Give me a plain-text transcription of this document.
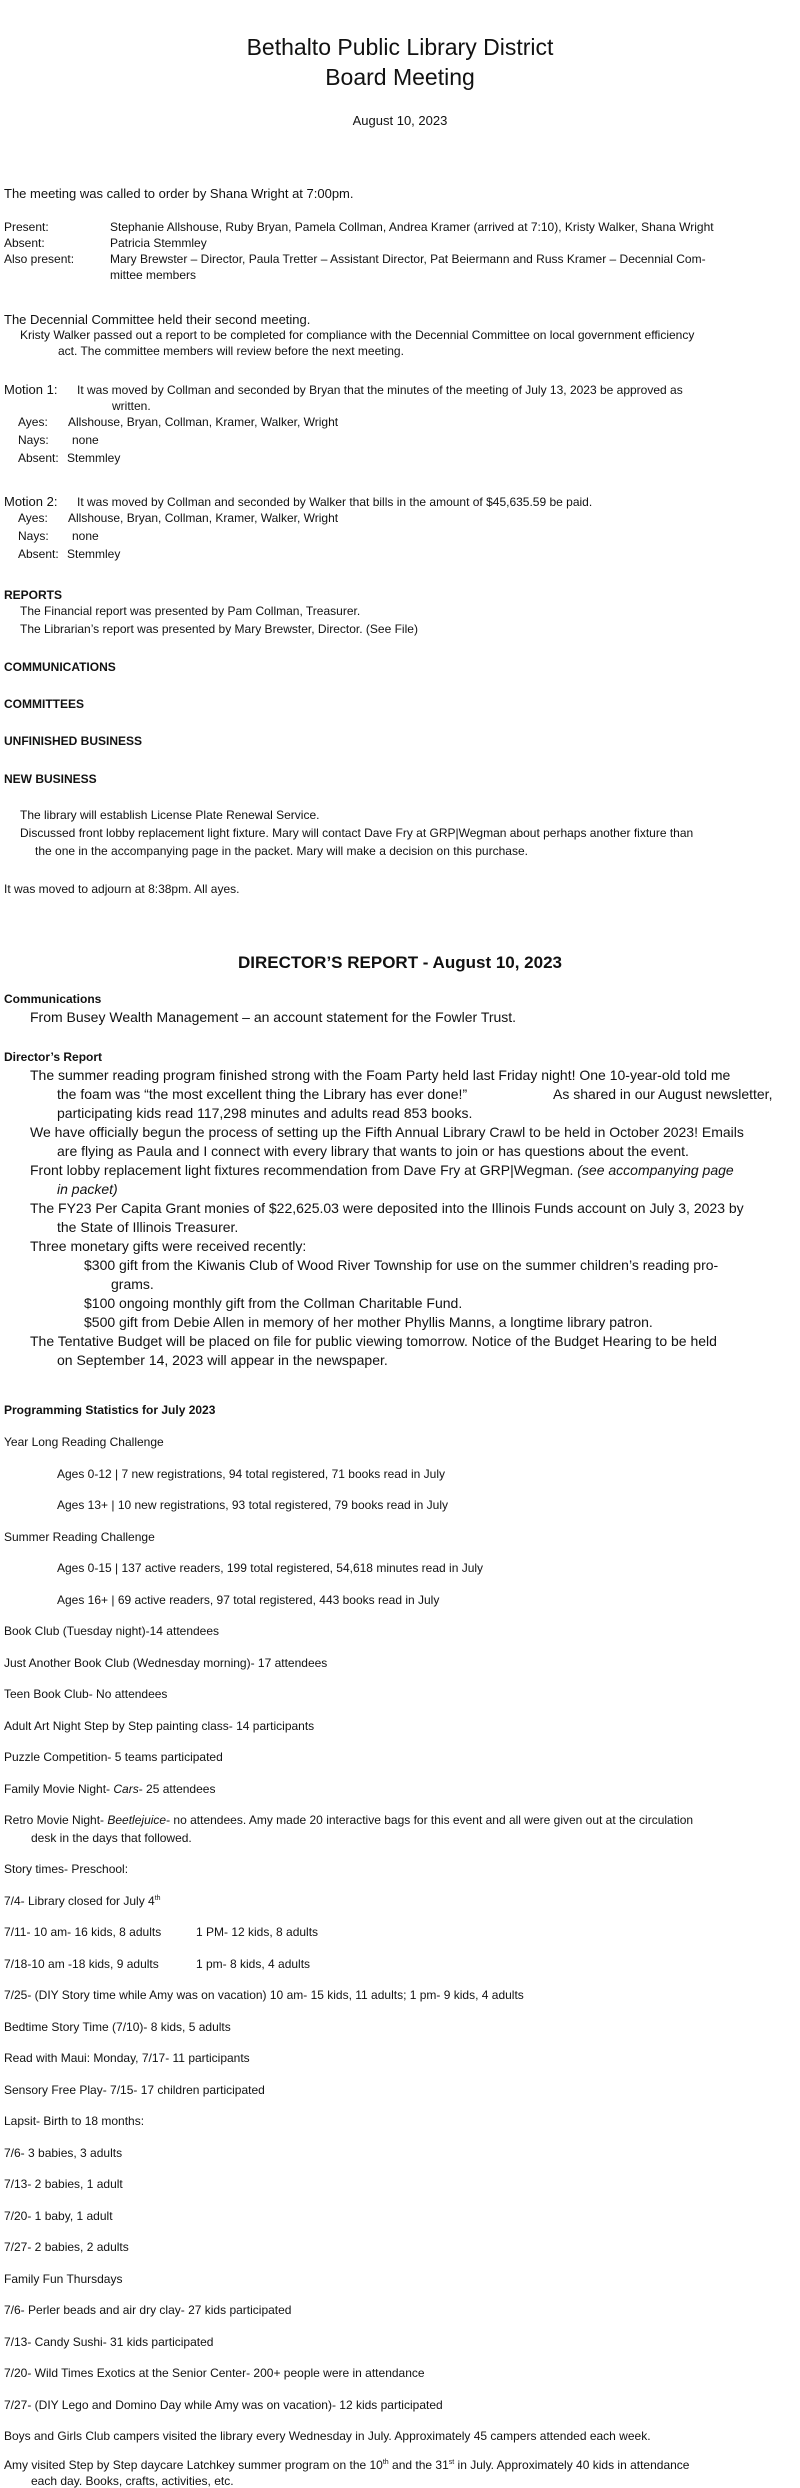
Bethalto Public Library District
Board Meeting
August 10, 2023
The meeting was called to order by Shana Wright at 7:00pm.
Present:	Stephanie Allshouse, Ruby Bryan, Pamela Collman, Andrea Kramer (arrived at 7:10), Kristy Walker, Shana Wright
Absent:	Patricia Stemmley
Also present:	Mary Brewster – Director, Paula Tretter – Assistant Director, Pat Beiermann and Russ Kramer – Decennial Com-
mittee members
The Decennial Committee held their second meeting.
Kristy Walker passed out a report to be completed for compliance with the Decennial Committee on local government efficiency
act. The committee members will review before the next meeting.
Motion 1: It was moved by Collman and seconded by Bryan that the minutes of the meeting of July 13, 2023 be approved as
written.
Ayes: Allshouse, Bryan, Collman, Kramer, Walker, Wright
Nays: none
Absent: Stemmley
Motion 2: It was moved by Collman and seconded by Walker that bills in the amount of $45,635.59 be paid.
Ayes: Allshouse, Bryan, Collman, Kramer, Walker, Wright
Nays: none
Absent: Stemmley
REPORTS
The Financial report was presented by Pam Collman, Treasurer.
The Librarian’s report was presented by Mary Brewster, Director. (See File)
COMMUNICATIONS
COMMITTEES
UNFINISHED BUSINESS
NEW BUSINESS
The library will establish License Plate Renewal Service.
Discussed front lobby replacement light fixture. Mary will contact Dave Fry at GRP|Wegman about perhaps another fixture than
the one in the accompanying page in the packet. Mary will make a decision on this purchase.
It was moved to adjourn at 8:38pm. All ayes.
DIRECTOR’S REPORT - August 10, 2023
Communications
From Busey Wealth Management – an account statement for the Fowler Trust.
Director’s Report
The summer reading program finished strong with the Foam Party held last Friday night! One 10-year-old told me
the foam was “the most excellent thing the Library has ever done!”	As shared in our August newsletter,
participating kids read 117,298 minutes and adults read 853 books.
We have officially begun the process of setting up the Fifth Annual Library Crawl to be held in October 2023! Emails
are flying as Paula and I connect with every library that wants to join or has questions about the event.
Front lobby replacement light fixtures recommendation from Dave Fry at GRP|Wegman. (see accompanying page
in packet)
The FY23 Per Capita Grant monies of $22,625.03 were deposited into the Illinois Funds account on July 3, 2023 by
the State of Illinois Treasurer.
Three monetary gifts were received recently:
$300 gift from the Kiwanis Club of Wood River Township for use on the summer children’s reading pro-
grams.
$100 ongoing monthly gift from the Collman Charitable Fund.
$500 gift from Debie Allen in memory of her mother Phyllis Manns, a longtime library patron.
The Tentative Budget will be placed on file for public viewing tomorrow. Notice of the Budget Hearing to be held
on September 14, 2023 will appear in the newspaper.
Programming Statistics for July 2023
Year Long Reading Challenge
Ages 0-12 | 7 new registrations, 94 total registered, 71 books read in July
Ages 13+ | 10 new registrations, 93 total registered, 79 books read in July
Summer Reading Challenge
Ages 0-15 | 137 active readers, 199 total registered, 54,618 minutes read in July
Ages 16+ | 69 active readers, 97 total registered, 443 books read in July
Book Club (Tuesday night)-14 attendees
Just Another Book Club (Wednesday morning)- 17 attendees
Teen Book Club- No attendees
Adult Art Night Step by Step painting class- 14 participants
Puzzle Competition- 5 teams participated
Family Movie Night- Cars- 25 attendees
Retro Movie Night- Beetlejuice- no attendees. Amy made 20 interactive bags for this event and all were given out at the circulation
desk in the days that followed.
Story times- Preschool:
7/4- Library closed for July 4th
7/11- 10 am- 16 kids, 8 adults	1 PM- 12 kids, 8 adults
7/18-10 am -18 kids, 9 adults	1 pm- 8 kids, 4 adults
7/25- (DIY Story time while Amy was on vacation) 10 am- 15 kids, 11 adults; 1 pm- 9 kids, 4 adults
Bedtime Story Time (7/10)- 8 kids, 5 adults
Read with Maui: Monday, 7/17- 11 participants
Sensory Free Play- 7/15- 17 children participated
Lapsit- Birth to 18 months:
7/6- 3 babies, 3 adults
7/13- 2 babies, 1 adult
7/20- 1 baby, 1 adult
7/27- 2 babies, 2 adults
Family Fun Thursdays
7/6- Perler beads and air dry clay- 27 kids participated
7/13- Candy Sushi- 31 kids participated
7/20- Wild Times Exotics at the Senior Center- 200+ people were in attendance
7/27- (DIY Lego and Domino Day while Amy was on vacation)- 12 kids participated
Boys and Girls Club campers visited the library every Wednesday in July. Approximately 45 campers attended each week.
Amy visited Step by Step daycare Latchkey summer program on the 10th and the 31st in July. Approximately 40 kids in attendance
each day. Books, crafts, activities, etc.
